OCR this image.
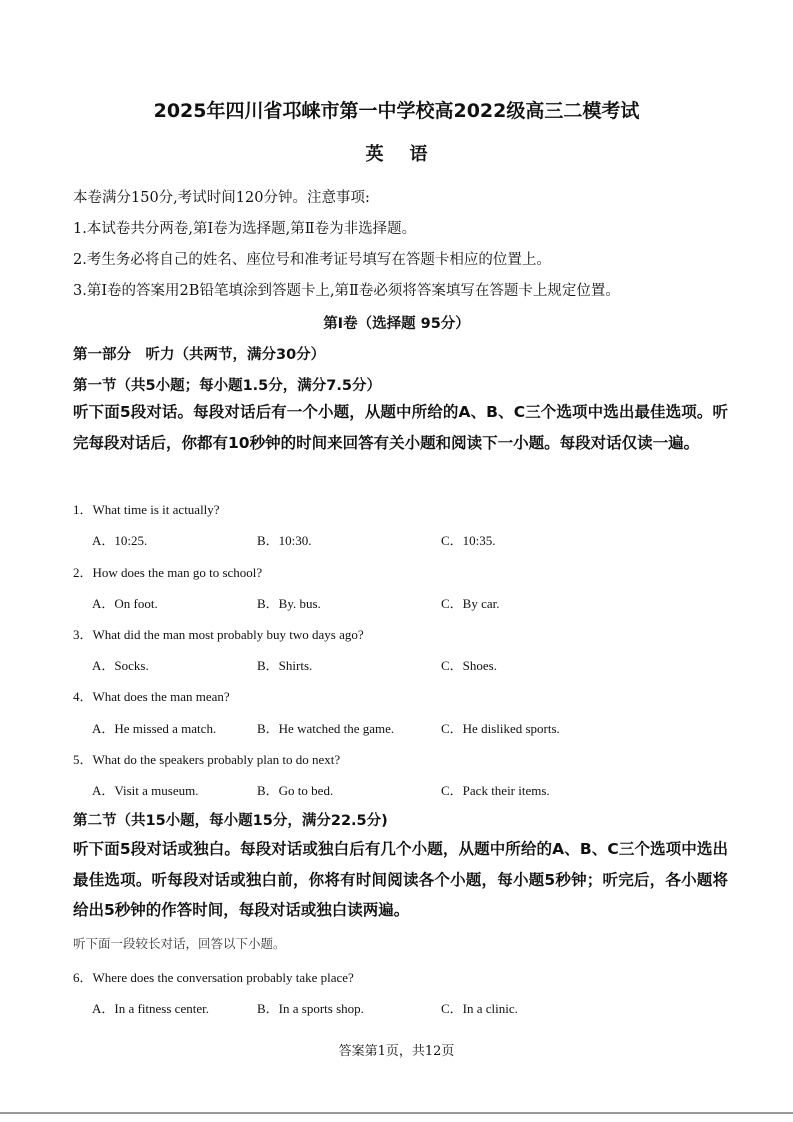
2025年四川省邛崃市第一中学校高2022级高三二模考试
英语
本卷满分150分,考试时间120分钟。注意事项:
1.本试卷共分两卷,第Ⅰ卷为选择题,第Ⅱ卷为非选择题。
2.考生务必将自己的姓名、座位号和准考证号填写在答题卡相应的位置上。
3.第Ⅰ卷的答案用2B铅笔填涂到答题卡上,第Ⅱ卷必须将答案填写在答题卡上规定位置。
第I卷（选择题 95分）
第一部分　听力（共两节，满分30分）
第一节（共5小题；每小题1.5分，满分7.5分）
听下面5段对话。每段对话后有一个小题，从题中所给的A、B、C三个选项中选出最佳选项。听完每段对话后，你都有10秒钟的时间来回答有关小题和阅读下一小题。每段对话仅读一遍。
1．What time is it actually?
A．10:25.	B．10:30.	C．10:35.
2．How does the man go to school?
A．On foot.	B．By. bus.	C．By car.
3．What did the man most probably buy two days ago?
A．Socks.	B．Shirts.	C．Shoes.
4．What does the man mean?
A．He missed a match.	B．He watched the game.	C．He disliked sports.
5．What do the speakers probably plan to do next?
A．Visit a museum.	B．Go to bed.	C．Pack their items.
第二节（共15小题，每小题15分，满分22.5分)
听下面5段对话或独白。每段对话或独白后有几个小题，从题中所给的A、B、C三个选项中选出最佳选项。听每段对话或独白前，你将有时间阅读各个小题，每小题5秒钟；听完后，各小题将给出5秒钟的作答时间，每段对话或独白读两遍。
听下面一段较长对话，回答以下小题。
6．Where does the conversation probably take place?
A．In a fitness center.	B．In a sports shop.	C．In a clinic.
答案第1页，共12页
